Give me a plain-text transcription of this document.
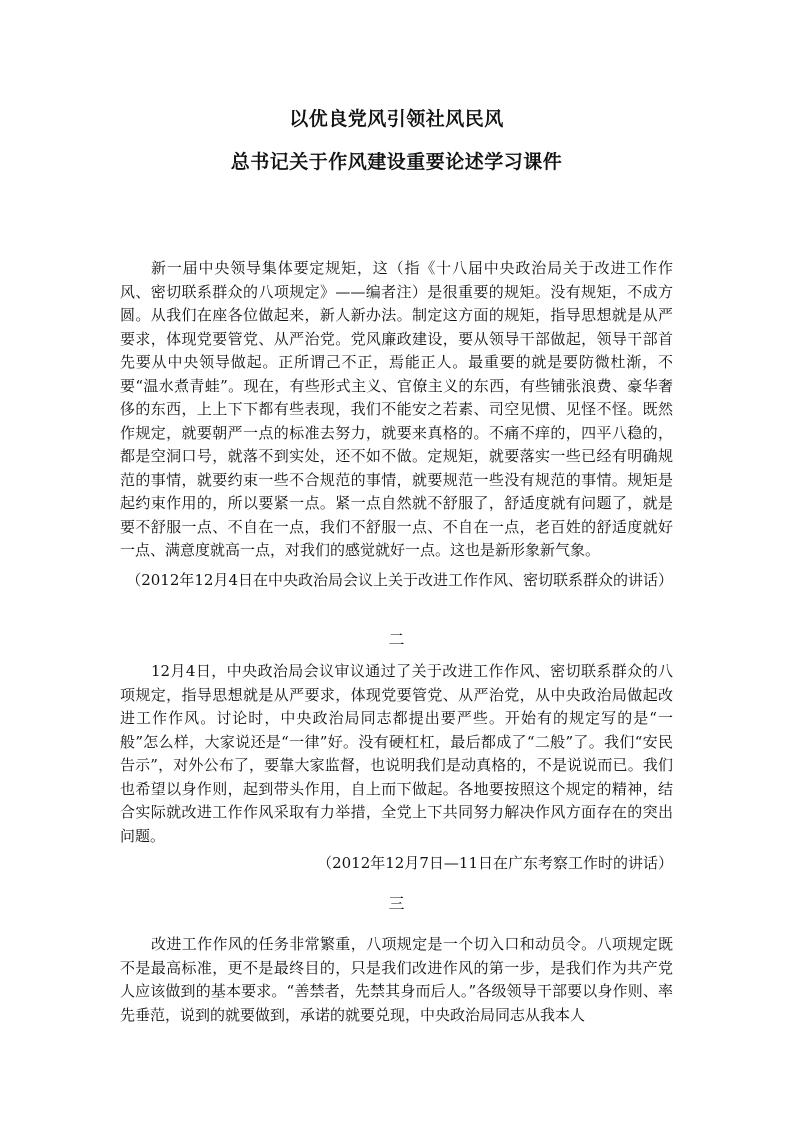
以优良党风引领社风民风
总书记关于作风建设重要论述学习课件

新一届中央领导集体要定规矩，这（指《十八届中央政治局关于改进工作作风、密切联系群众的八项规定》——编者注）是很重要的规矩。没有规矩，不成方圆。从我们在座各位做起来，新人新办法。制定这方面的规矩，指导思想就是从严要求，体现党要管党、从严治党。党风廉政建设，要从领导干部做起，领导干部首先要从中央领导做起。正所谓己不正，焉能正人。最重要的就是要防微杜渐，不要“温水煮青蛙”。现在，有些形式主义、官僚主义的东西，有些铺张浪费、豪华奢侈的东西，上上下下都有些表现，我们不能安之若素、司空见惯、见怪不怪。既然作规定，就要朝严一点的标准去努力，就要来真格的。不痛不痒的，四平八稳的，都是空洞口号，就落不到实处，还不如不做。定规矩，就要落实一些已经有明确规范的事情，就要约束一些不合规范的事情，就要规范一些没有规范的事情。规矩是起约束作用的，所以要紧一点。紧一点自然就不舒服了，舒适度就有问题了，就是要不舒服一点、不自在一点，我们不舒服一点、不自在一点，老百姓的舒适度就好一点、满意度就高一点，对我们的感觉就好一点。这也是新形象新气象。

（2012年12月4日在中央政治局会议上关于改进工作作风、密切联系群众的讲话）

二

12月4日，中央政治局会议审议通过了关于改进工作作风、密切联系群众的八项规定，指导思想就是从严要求，体现党要管党、从严治党，从中央政治局做起改进工作作风。讨论时，中央政治局同志都提出要严些。开始有的规定写的是“一般”怎么样，大家说还是“一律”好。没有硬杠杠，最后都成了“二般”了。我们“安民告示”，对外公布了，要靠大家监督，也说明我们是动真格的，不是说说而已。我们也希望以身作则，起到带头作用，自上而下做起。各地要按照这个规定的精神，结合实际就改进工作作风采取有力举措，全党上下共同努力解决作风方面存在的突出问题。

（2012年12月7日—11日在广东考察工作时的讲话）

三

改进工作作风的任务非常繁重，八项规定是一个切入口和动员令。八项规定既不是最高标准，更不是最终目的，只是我们改进作风的第一步，是我们作为共产党人应该做到的基本要求。“善禁者，先禁其身而后人。”各级领导干部要以身作则、率先垂范，说到的就要做到，承诺的就要兑现，中央政治局同志从我本人
